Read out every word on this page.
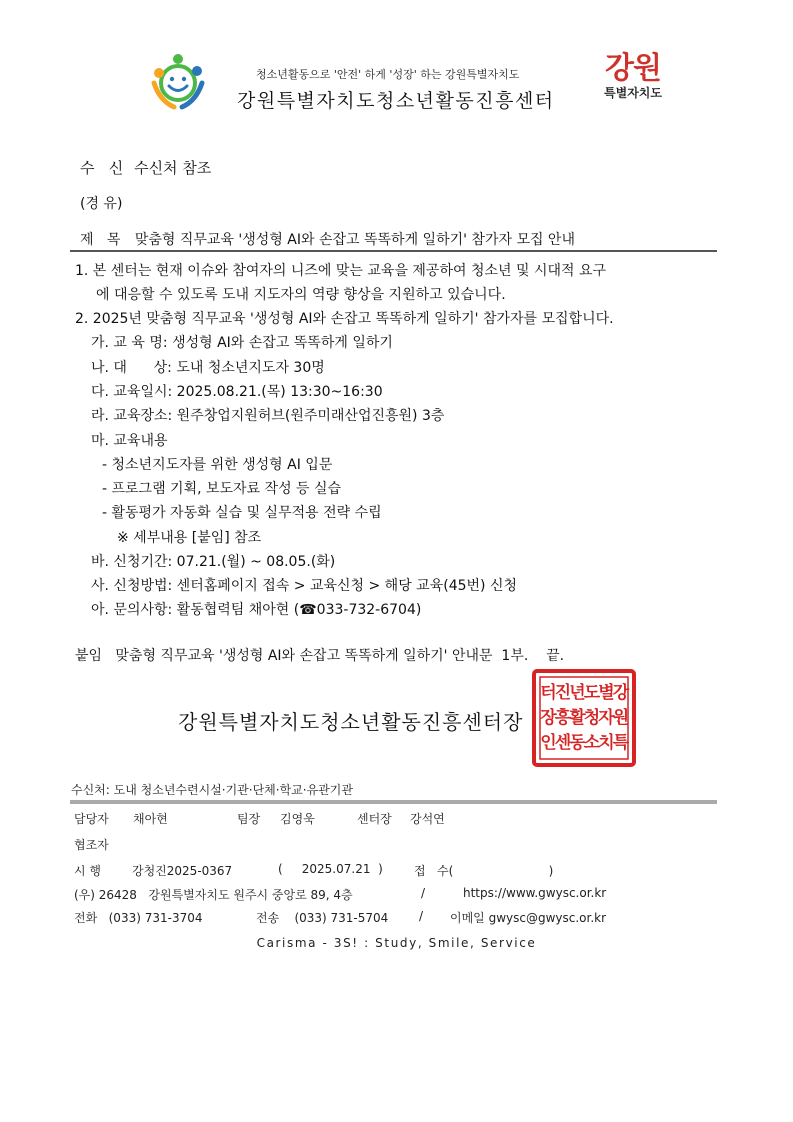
청소년활동으로 '안전' 하게 '성장' 하는 강원특별자치도
강원특별자치도청소년활동진흥센터
강원
특별자치도
수   신 수신처 참조
(경 유)
제   목 맞춤형 직무교육 '생성형 AI와 손잡고 똑똑하게 일하기' 참가자 모집 안내
1. 본 센터는 현재 이슈와 참여자의 니즈에 맞는 교육을 제공하여 청소년 및 시대적 요구
에 대응할 수 있도록 도내 지도자의 역량 향상을 지원하고 있습니다.
2. 2025년 맞춤형 직무교육 '생성형 AI와 손잡고 똑똑하게 일하기' 참가자를 모집합니다.
가. 교 육 명: 생성형 AI와 손잡고 똑똑하게 일하기
나. 대      상: 도내 청소년지도자 30명
다. 교육일시: 2025.08.21.(목) 13:30~16:30
라. 교육장소: 원주창업지원허브(원주미래산업진흥원) 3층
마. 교육내용
- 청소년지도자를 위한 생성형 AI 입문
- 프로그램 기획, 보도자료 작성 등 실습
- 활동평가 자동화 실습 및 실무적용 전략 수립
※ 세부내용 [붙임] 참조
바. 신청기간: 07.21.(월) ~ 08.05.(화)
사. 신청방법: 센터홈페이지 접속 > 교육신청 > 해당 교육(45번) 신청
아. 문의사항: 활동협력팀 채아현 (☎033-732-6704)
붙임   맞춤형 직무교육 '생성형 AI와 손잡고 똑똑하게 일하기' 안내문  1부.    끝.
강원특별자치도청소년활동진흥센터장
강
원
특
별
자
치
도
청
소
년
활
동
진
흥
센
터
장
인
수신처: 도내 청소년수련시설·기관·단체·학교·유관기관
담당자 채아현	팀장 김영욱	센터장 강석연
협조자
시 행	강청진2025-0367	(     2025.07.21  )	접   수(                         )
(우) 26428   강원특별자치도 원주시 중앙로 89, 4층	/	https://www.gwysc.or.kr
전화   (033) 731-3704	전송    (033) 731-5704	/ 이메일 gwysc@gwysc.or.kr
Carisma - 3S! : Study, Smile, Service
